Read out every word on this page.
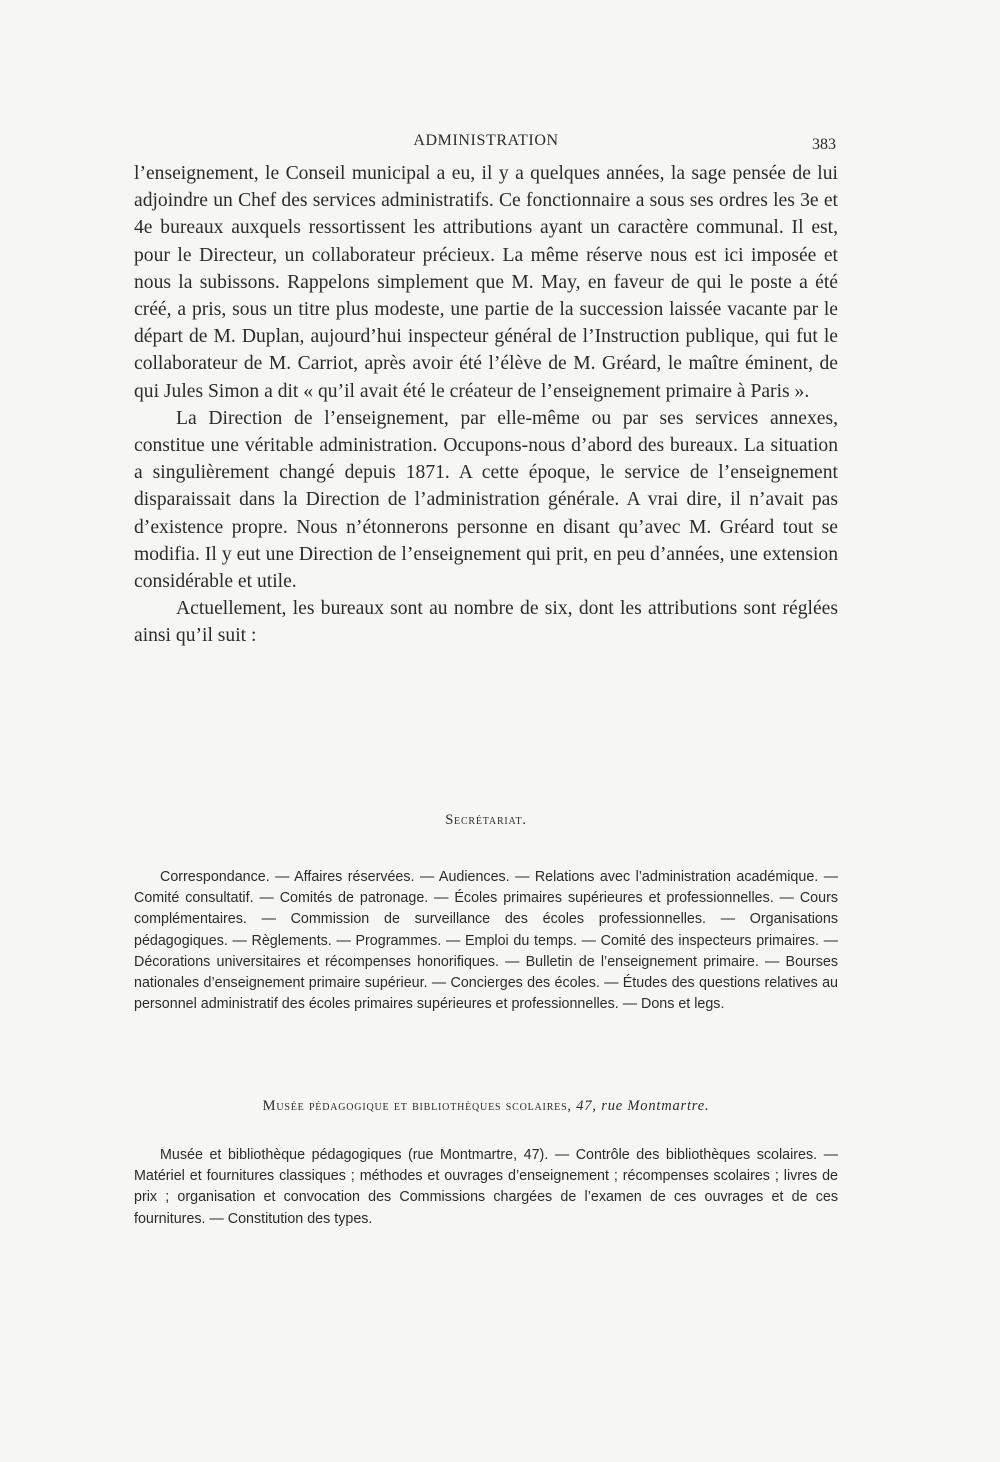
ADMINISTRATION	383

l’enseignement, le Conseil municipal a eu, il y a quelques années, la sage pensée de lui adjoindre un Chef des services administratifs. Ce fonctionnaire a sous ses ordres les 3e et 4e bureaux auxquels ressortissent les attributions ayant un caractère communal. Il est, pour le Directeur, un collaborateur précieux. La même réserve nous est ici imposée et nous la subissons. Rappelons simplement que M. May, en faveur de qui le poste a été créé, a pris, sous un titre plus modeste, une partie de la succession laissée vacante par le départ de M. Duplan, aujourd’hui inspecteur général de l’Instruction publique, qui fut le collaborateur de M. Carriot, après avoir été l’élève de M. Gréard, le maître éminent, de qui Jules Simon a dit « qu’il avait été le créateur de l’enseignement primaire à Paris ».

La Direction de l’enseignement, par elle-même ou par ses services annexes, constitue une véritable administration. Occupons-nous d’abord des bureaux. La situation a singulièrement changé depuis 1871. A cette époque, le service de l’enseignement disparaissait dans la Direction de l’administration générale. A vrai dire, il n’avait pas d’existence propre. Nous n’étonnerons personne en disant qu’avec M. Gréard tout se modifia. Il y eut une Direction de l’enseignement qui prit, en peu d’années, une extension considérable et utile.

Actuellement, les bureaux sont au nombre de six, dont les attributions sont réglées ainsi qu’il suit :

Secrétariat.

Correspondance. — Affaires réservées. — Audiences. — Relations avec l’administration académique. — Comité consultatif. — Comités de patronage. — Écoles primaires supérieures et professionnelles. — Cours complémentaires. — Commission de surveillance des écoles professionnelles. — Organisations pédagogiques. — Règlements. — Programmes. — Emploi du temps. — Comité des inspecteurs primaires. — Décorations universitaires et récompenses honorifiques. — Bulletin de l’enseignement primaire. — Bourses nationales d’enseignement primaire supérieur. — Concierges des écoles. — Études des questions relatives au personnel administratif des écoles primaires supérieures et professionnelles. — Dons et legs.

Musée pédagogique et bibliothèques scolaires, 47, rue Montmartre.

Musée et bibliothèque pédagogiques (rue Montmartre, 47). — Contrôle des bibliothèques scolaires. — Matériel et fournitures classiques ; méthodes et ouvrages d’enseignement ; récompenses scolaires ; livres de prix ; organisation et convocation des Commissions chargées de l’examen de ces ouvrages et de ces fournitures. — Constitution des types.
